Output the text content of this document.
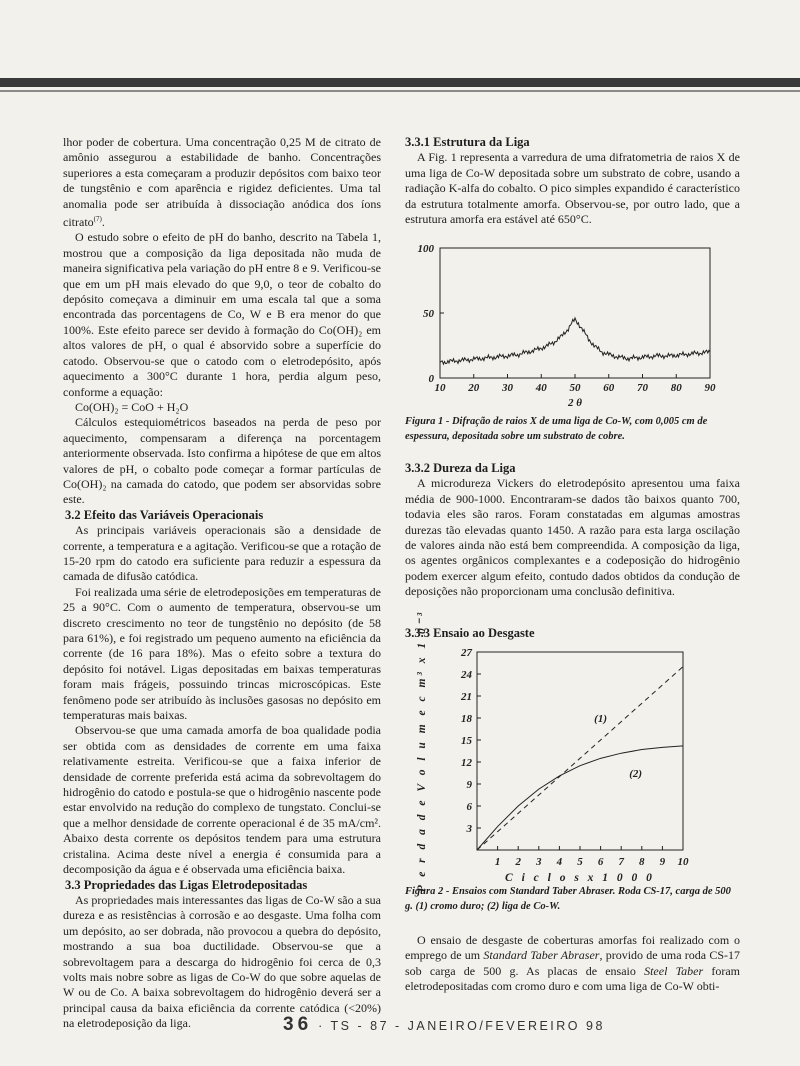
lhor poder de cobertura. Uma concentração 0,25 M de citrato de amônio assegurou a estabilidade de banho. Concentrações superiores a esta começaram a produzir depósitos com baixo teor de tungstênio e com aparência e rigidez deficientes. Uma tal anomalia pode ser atribuída à dissociação anódica dos íons citrato$^{(7)}$.

O estudo sobre o efeito de pH do banho, descrito na Tabela 1, mostrou que a composição da liga depositada não muda de maneira significativa pela variação do pH entre 8 e 9. Verificou-se que em um pH mais elevado do que 9,0, o teor de cobalto do depósito começava a diminuir em uma escala tal que a soma encontrada das porcentagens de Co, W e B era menor do que 100%. Este efeito parece ser devido à formação do Co(OH)₂ em altos valores de pH, o qual é absorvido sobre a superfície do catodo. Observou-se que o catodo com o eletrodepósito, após aquecimento a 300°C durante 1 hora, perdia algum peso, conforme a equação:

Co(OH)₂ = CoO + H₂O

Cálculos estequiométricos baseados na perda de peso por aquecimento, compensaram a diferença na porcentagem anteriormente observada. Isto confirma a hipótese de que em altos valores de pH, o cobalto pode começar a formar partículas de Co(OH)₂ na camada do catodo, que podem ser absorvidas sobre este.

3.2 Efeito das Variáveis Operacionais

As principais variáveis operacionais são a densidade de corrente, a temperatura e a agitação. Verificou-se que a rotação de 15-20 rpm do catodo era suficiente para reduzir a espessura da camada de difusão catódica.

Foi realizada uma série de eletrodeposições em temperaturas de 25 a 90°C. Com o aumento de temperatura, observou-se um discreto crescimento no teor de tungstênio no depósito (de 58 para 61%), e foi registrado um pequeno aumento na eficiência da corrente (de 16 para 18%). Mas o efeito sobre a textura do depósito foi notável. Ligas depositadas em baixas temperaturas foram mais frágeis, possuindo trincas microscópicas. Este fenômeno pode ser atribuído às inclusões gasosas no depósito em temperaturas mais baixas.

Observou-se que uma camada amorfa de boa qualidade podia ser obtida com as densidades de corrente em uma faixa relativamente estreita. Verificou-se que a faixa inferior de densidade de corrente preferida está acima da sobrevoltagem do hidrogênio do catodo e postula-se que o hidrogênio nascente pode estar envolvido na redução do complexo de tungstato. Conclui-se que a melhor densidade de corrente operacional é de 35 mA/cm². Abaixo desta corrente os depósitos tendem para uma estrutura cristalina. Acima deste nível a energia é consumida para a decomposição da água e é observada uma eficiência baixa.

3.3 Propriedades das Ligas Eletrodepositadas

As propriedades mais interessantes das ligas de Co-W são a sua dureza e as resistências à corrosão e ao desgaste. Uma folha com um depósito, ao ser dobrada, não provocou a quebra do depósito, mostrando a sua boa ductilidade. Observou-se que a sobrevoltagem para a descarga do hidrogênio foi cerca de 0,3 volts mais nobre sobre as ligas de Co-W do que sobre aquelas de W ou de Co. A baixa sobrevoltagem do hidrogênio deverá ser a principal causa da baixa eficiência da corrente catódica (<20%) na eletrodeposição da liga.

3.3.1 Estrutura da Liga

A Fig. 1 representa a varredura de uma difratometria de raios X de uma liga de Co-W depositada sobre um substrato de cobre, usando a radiação K-alfa do cobalto. O pico simples expandido é característico da estrutura totalmente amorfa. Observou-se, por outro lado, que a estrutura amorfa era estável até 650°C.

10 20 30 40 50 60 70 80 90
0
50
100
2 θ
Figura 1 - Difração de raios X de uma liga de Co-W, com 0,005 cm de espessura, depositada sobre um substrato de cobre.
3.3.2 Dureza da Liga

A microdureza Vickers do eletrodepósito apresentou uma faixa média de 900-1000. Encontraram-se dados tão baixos quanto 700, todavia eles são raros. Foram constatadas em algumas amostras durezas tão elevadas quanto 1450. A razão para esta larga oscilação de valores ainda não está bem compreendida. A composição da liga, os agentes orgânicos complexantes e a codeposição do hidrogênio podem exercer algum efeito, contudo dados obtidos da condução de deposições não proporcionam uma conclusão definitiva.

3.3.3 Ensaio ao Desgaste
1 2 3 4 5 6 7 8 9 10
3
6
9
12
15
18
21
24
27
C i c l o s x 1 0 0 0
P e r d a d e V o l u m e c m³ x 1 0⁻³	(1)
(2)
Figura 2 - Ensaios com Standard Taber Abraser. Roda CS-17, carga de 500 g. (1) cromo duro; (2) liga de Co-W.

O ensaio de desgaste de coberturas amorfas foi realizado com o emprego de um Standard Taber Abraser, provido de uma roda CS-17 sob carga de 500 g. As placas de ensaio Steel Taber foram eletrodepositadas com cromo duro e com uma liga de Co-W obti-

36 · TS - 87 - JANEIRO/FEVEREIRO 98
